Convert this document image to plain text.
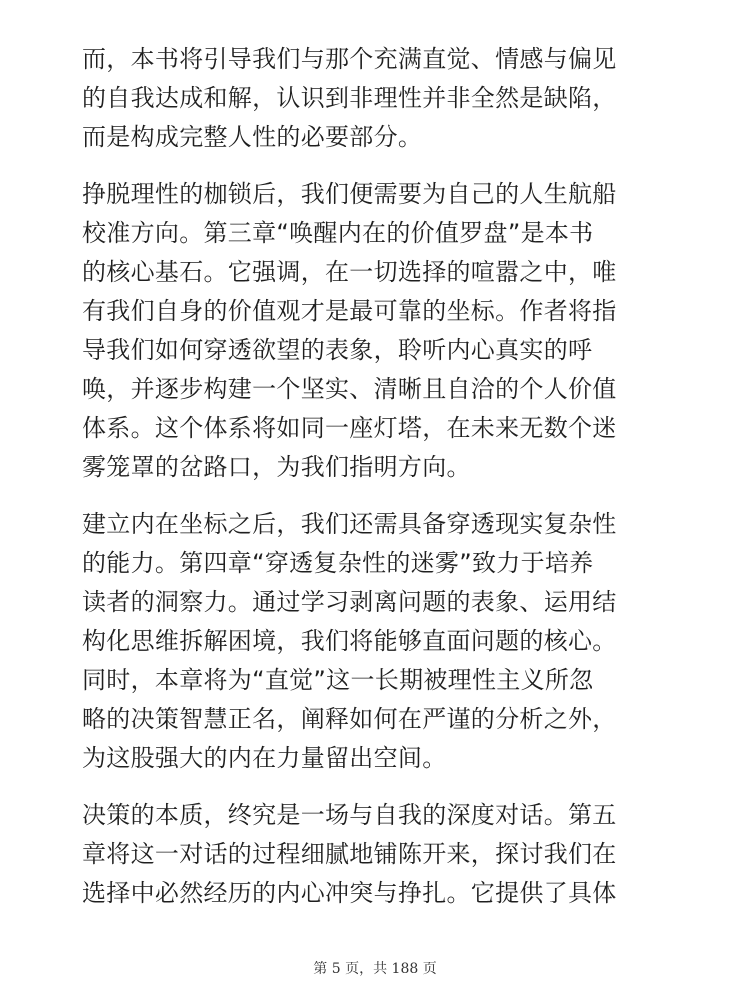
而，本书将引导我们与那个充满直觉、情感与偏见
的自我达成和解，认识到非理性并非全然是缺陷，
而是构成完整人性的必要部分。

挣脱理性的枷锁后，我们便需要为自己的人生航船
校准方向。第三章“唤醒内在的价值罗盘”是本书
的核心基石。它强调，在一切选择的喧嚣之中，唯
有我们自身的价值观才是最可靠的坐标。作者将指
导我们如何穿透欲望的表象，聆听内心真实的呼
唤，并逐步构建一个坚实、清晰且自洽的个人价值
体系。这个体系将如同一座灯塔，在未来无数个迷
雾笼罩的岔路口，为我们指明方向。

建立内在坐标之后，我们还需具备穿透现实复杂性
的能力。第四章“穿透复杂性的迷雾”致力于培养
读者的洞察力。通过学习剥离问题的表象、运用结
构化思维拆解困境，我们将能够直面问题的核心。
同时，本章将为“直觉”这一长期被理性主义所忽
略的决策智慧正名，阐释如何在严谨的分析之外，
为这股强大的内在力量留出空间。

决策的本质，终究是一场与自我的深度对话。第五
章将这一对话的过程细腻地铺陈开来，探讨我们在
选择中必然经历的内心冲突与挣扎。它提供了具体

第 5 页，共 188 页
